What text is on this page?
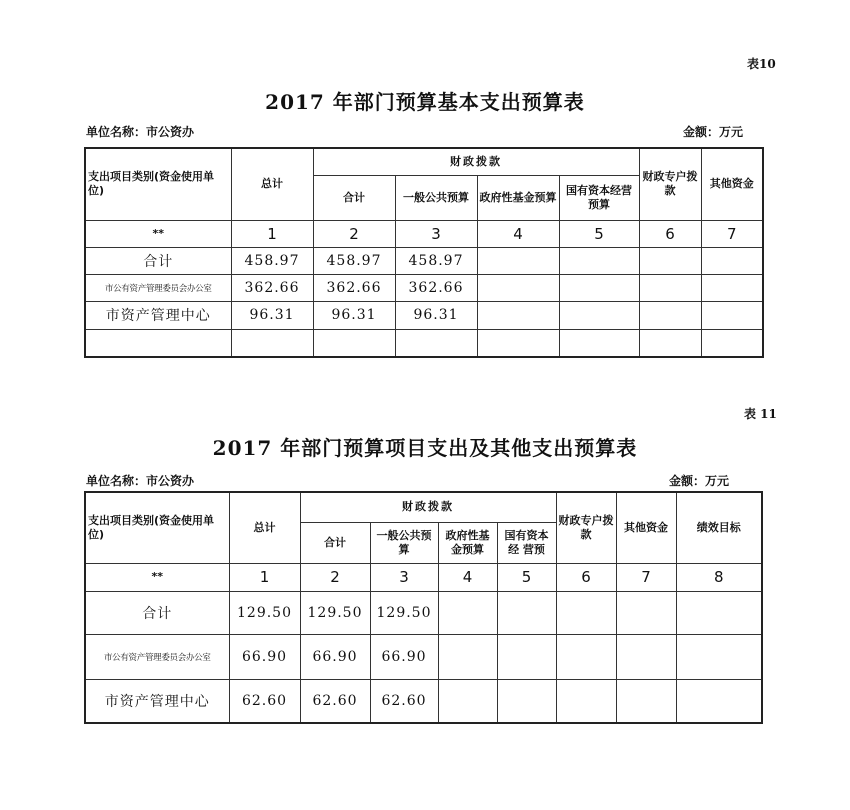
表10
2017 年部门预算基本支出预算表
单位名称：市公资办	金额：万元
支出项目类别(资金使用单位)	总计	财政拨款				财政专户拨款	其他资金
		合计	一般公共预算	政府性基金预算	国有资本经营预算		
**	1	2	3	4	5	6	7
合计	458.97	458.97	458.97				
市公有资产管理委员会办公室	362.66	362.66	362.66				
市资产管理中心	96.31	96.31	96.31				

表 11
2017 年部门预算项目支出及其他支出预算表
单位名称：市公资办	金额：万元
支出项目类别(资金使用单 位)	总计	财政拨款				财政专户拨款	其他资金	绩效目标
		合计	一般公共预算	政府性基金预算	国有资本经 营预			
**	1	2	3	4	5	6	7	8
合计	129.50	129.50	129.50					
市公有资产管理委员会办公室	66.90	66.90	66.90					
市资产管理中心	62.60	62.60	62.60					
